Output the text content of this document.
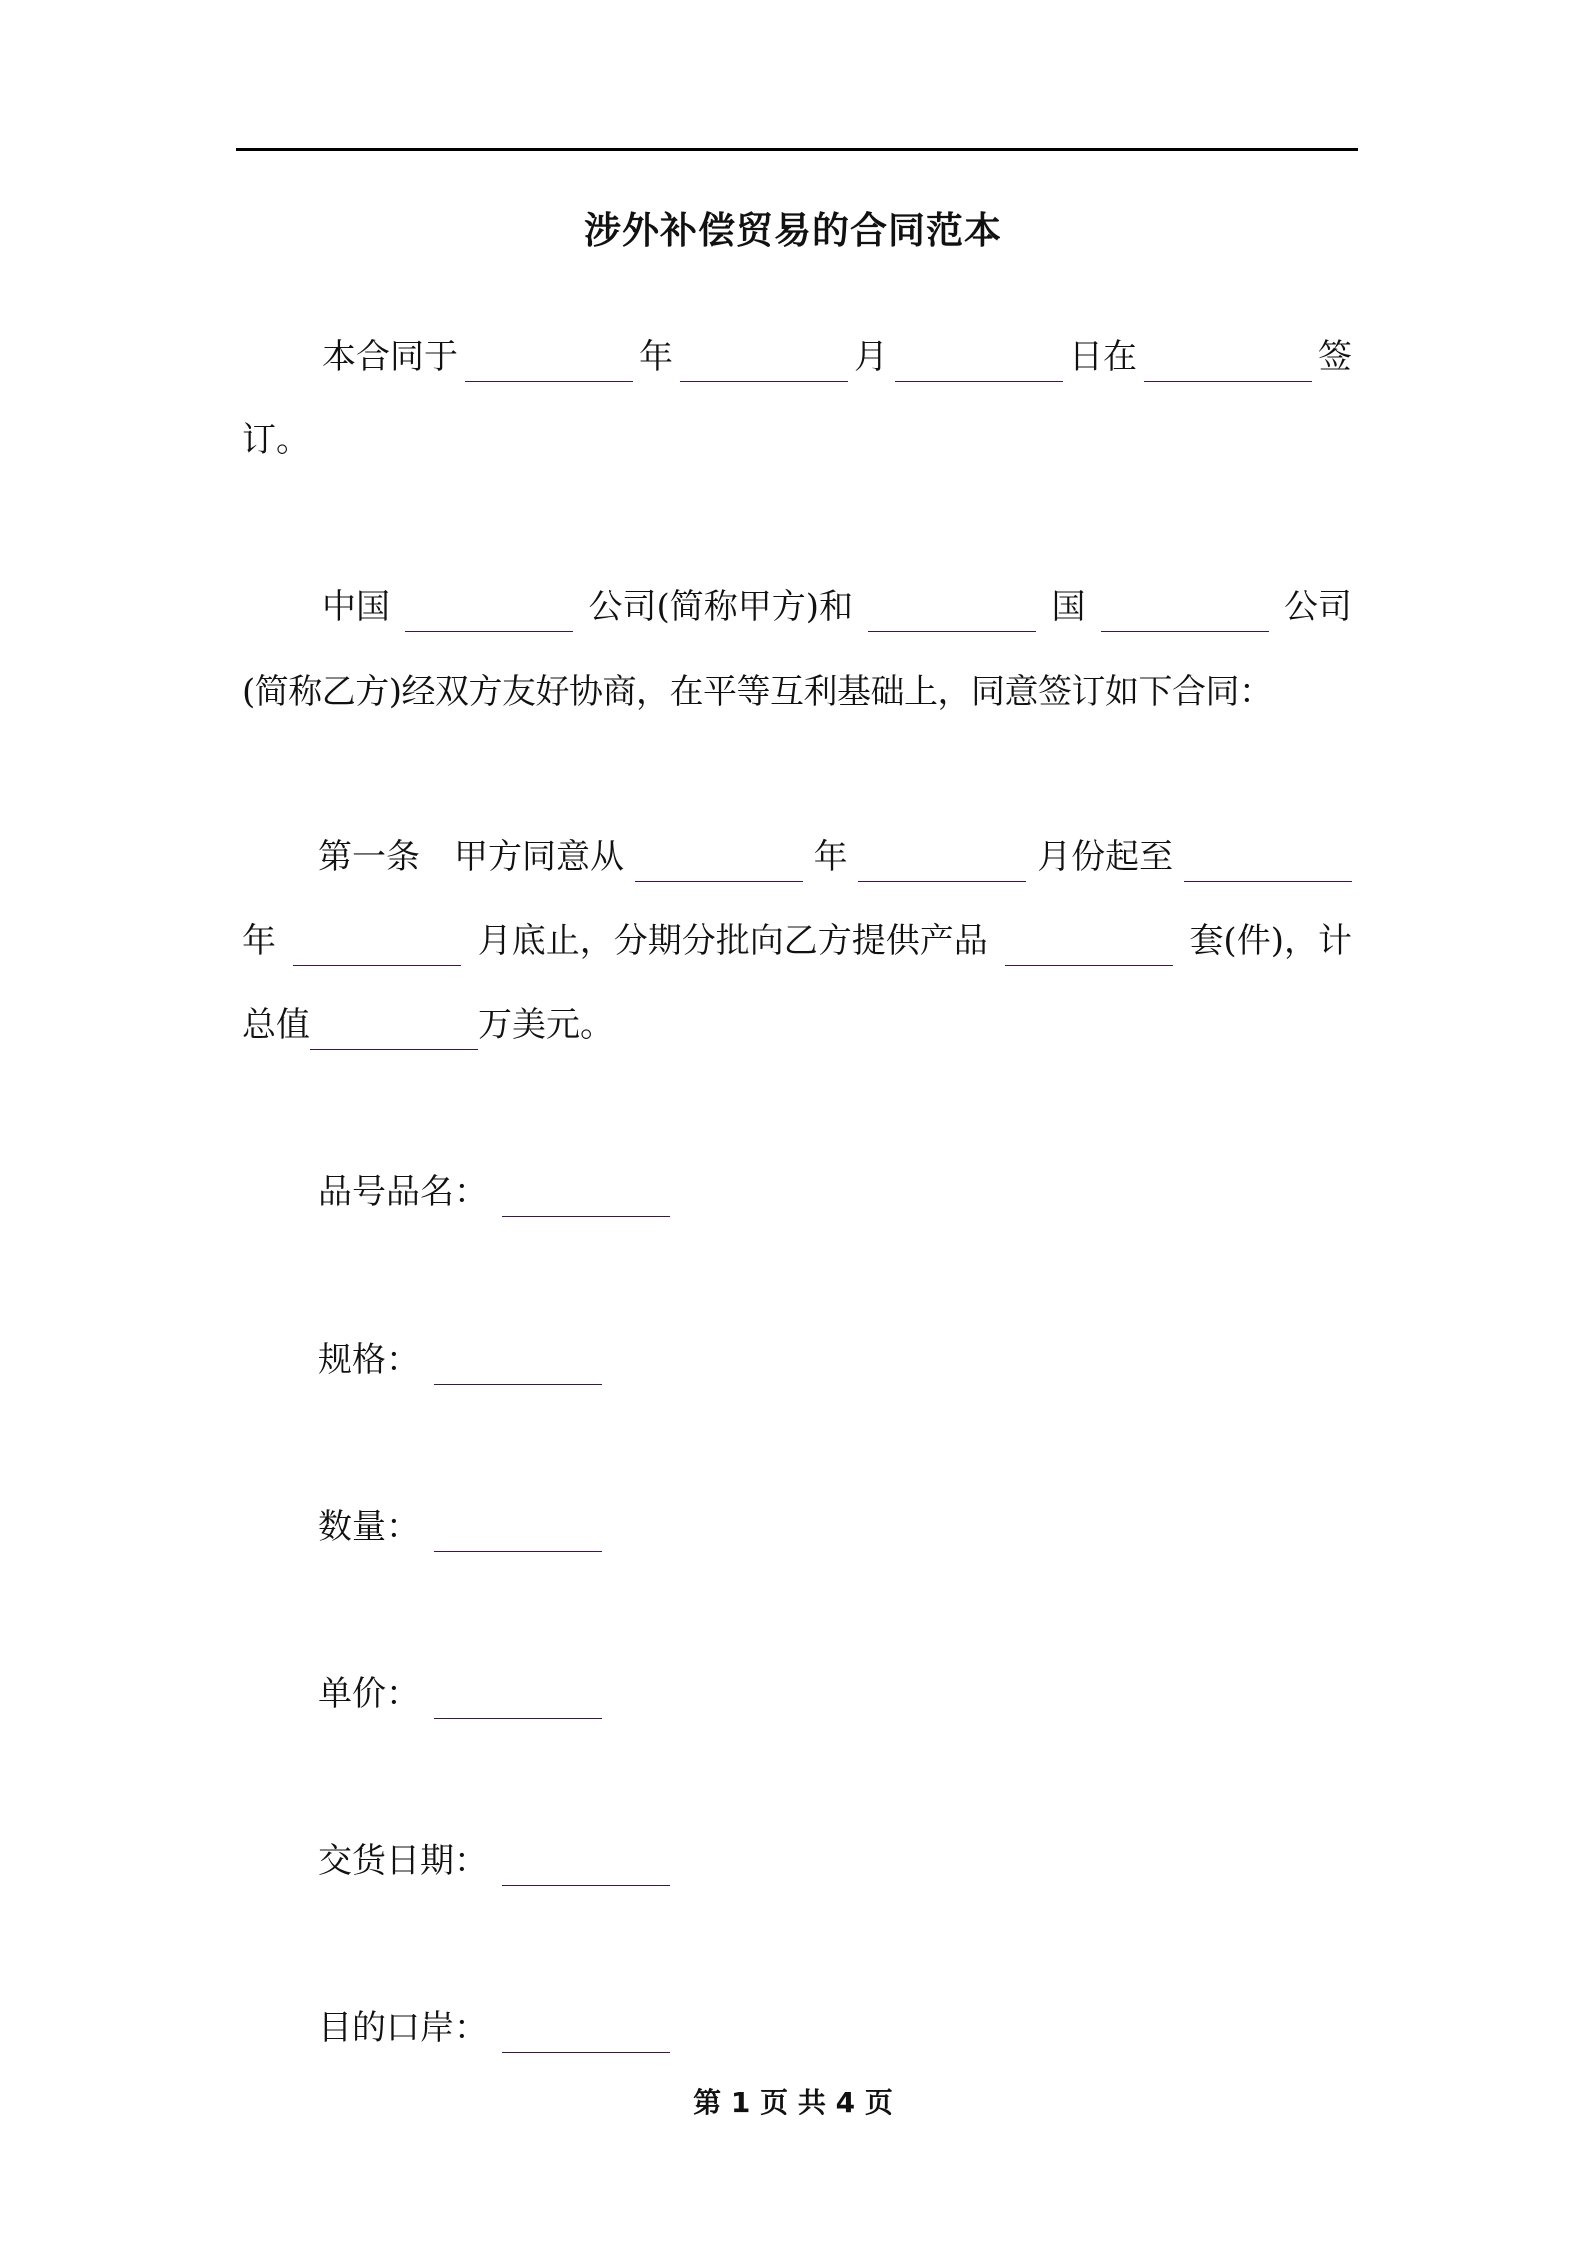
涉外补偿贸易的合同范本
本合同于	年	月	日在	签
订。
中国	公司(简称甲方)和	国	公司
(简称乙方)经双方友好协商，在平等互利基础上，同意签订如下合同：
第一条　甲方同意从	年	月份起至
年	月底止，分期分批向乙方提供产品	套(件)，计
总值	万美元。
品号品名：
规格：
数量：
单价：
交货日期：
目的口岸：
第 1 页 共 4 页
